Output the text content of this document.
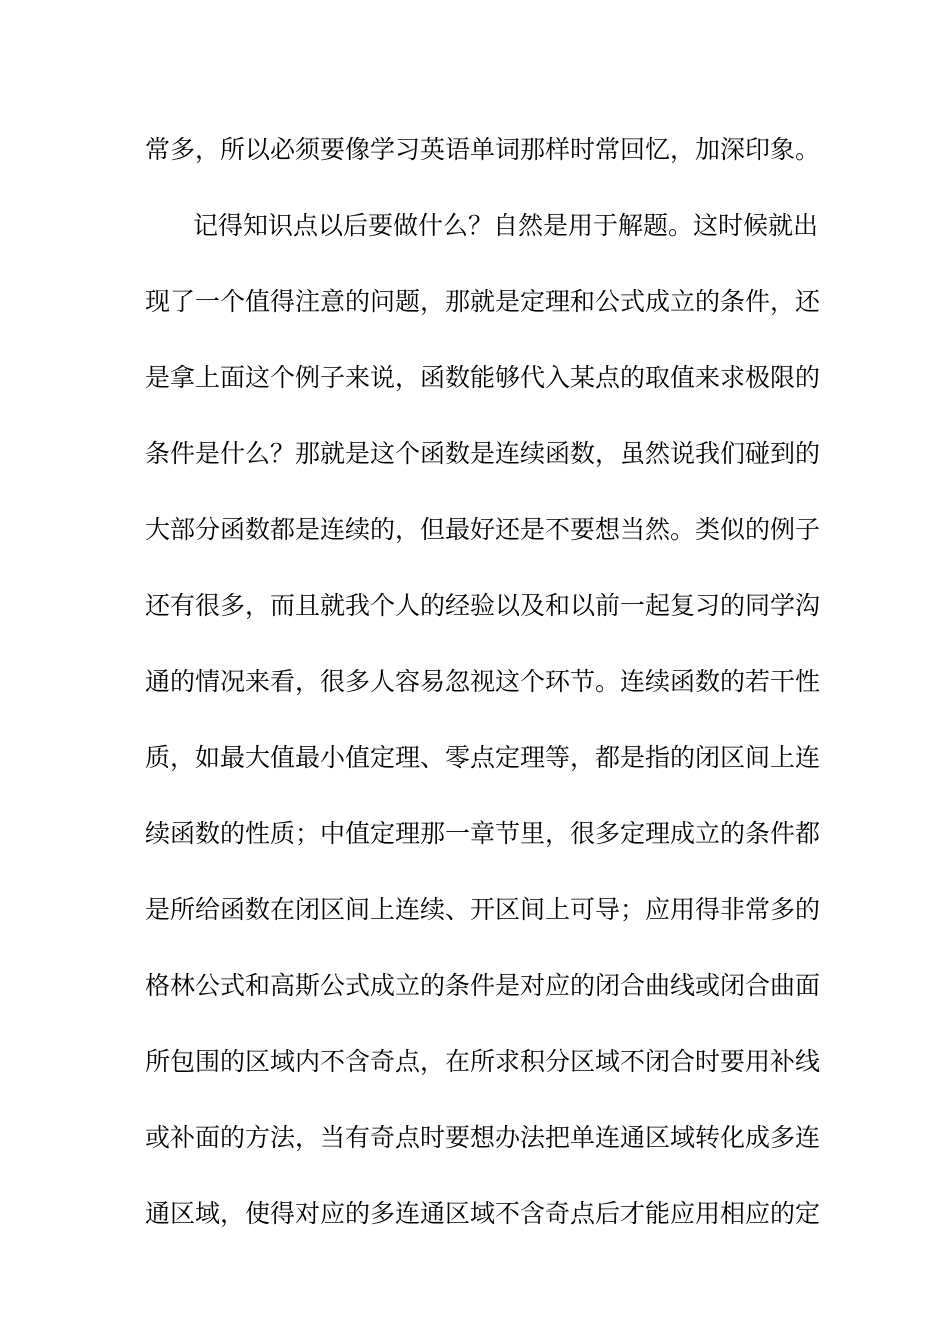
常多，所以必须要像学习英语单词那样时常回忆，加深印象。
记得知识点以后要做什么？自然是用于解题。这时候就出
现了一个值得注意的问题，那就是定理和公式成立的条件，还
是拿上面这个例子来说，函数能够代入某点的取值来求极限的
条件是什么？那就是这个函数是连续函数，虽然说我们碰到的
大部分函数都是连续的，但最好还是不要想当然。类似的例子
还有很多，而且就我个人的经验以及和以前一起复习的同学沟
通的情况来看，很多人容易忽视这个环节。连续函数的若干性
质，如最大值最小值定理、零点定理等，都是指的闭区间上连
续函数的性质；中值定理那一章节里，很多定理成立的条件都
是所给函数在闭区间上连续、开区间上可导；应用得非常多的
格林公式和高斯公式成立的条件是对应的闭合曲线或闭合曲面
所包围的区域内不含奇点，在所求积分区域不闭合时要用补线
或补面的方法，当有奇点时要想办法把单连通区域转化成多连
通区域，使得对应的多连通区域不含奇点后才能应用相应的定
